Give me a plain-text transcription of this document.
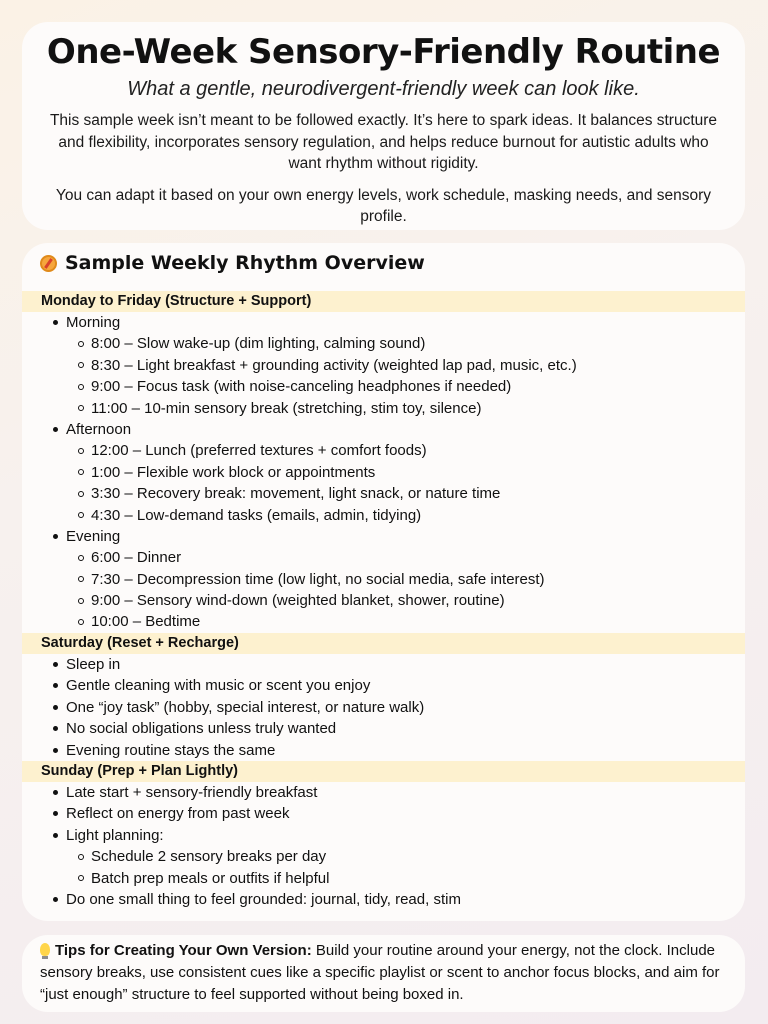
One-Week Sensory-Friendly Routine
What a gentle, neurodivergent-friendly week can look like.

This sample week isn’t meant to be followed exactly. It’s here to spark ideas. It balances structure and flexibility, incorporates sensory regulation, and helps reduce burnout for autistic adults who want rhythm without rigidity.

You can adapt it based on your own energy levels, work schedule, masking needs, and sensory profile.

Sample Weekly Rhythm Overview
Monday to Friday (Structure + Support)
Morning
8:00 – Slow wake-up (dim lighting, calming sound)
8:30 – Light breakfast + grounding activity (weighted lap pad, music, etc.)
9:00 – Focus task (with noise-canceling headphones if needed)
11:00 – 10-min sensory break (stretching, stim toy, silence)
Afternoon
12:00 – Lunch (preferred textures + comfort foods)
1:00 – Flexible work block or appointments
3:30 – Recovery break: movement, light snack, or nature time
4:30 – Low-demand tasks (emails, admin, tidying)
Evening
6:00 – Dinner
7:30 – Decompression time (low light, no social media, safe interest)
9:00 – Sensory wind-down (weighted blanket, shower, routine)
10:00 – Bedtime
Saturday (Reset + Recharge)
Sleep in
Gentle cleaning with music or scent you enjoy
One “joy task” (hobby, special interest, or nature walk)
No social obligations unless truly wanted
Evening routine stays the same
Sunday (Prep + Plan Lightly)
Late start + sensory-friendly breakfast
Reflect on energy from past week
Light planning:
Schedule 2 sensory breaks per day
Batch prep meals or outfits if helpful
Do one small thing to feel grounded: journal, tidy, read, stim
Tips for Creating Your Own Version: Build your routine around your energy, not the clock. Include sensory breaks, use consistent cues like a specific playlist or scent to anchor focus blocks, and aim for “just enough” structure to feel supported without being boxed in.
